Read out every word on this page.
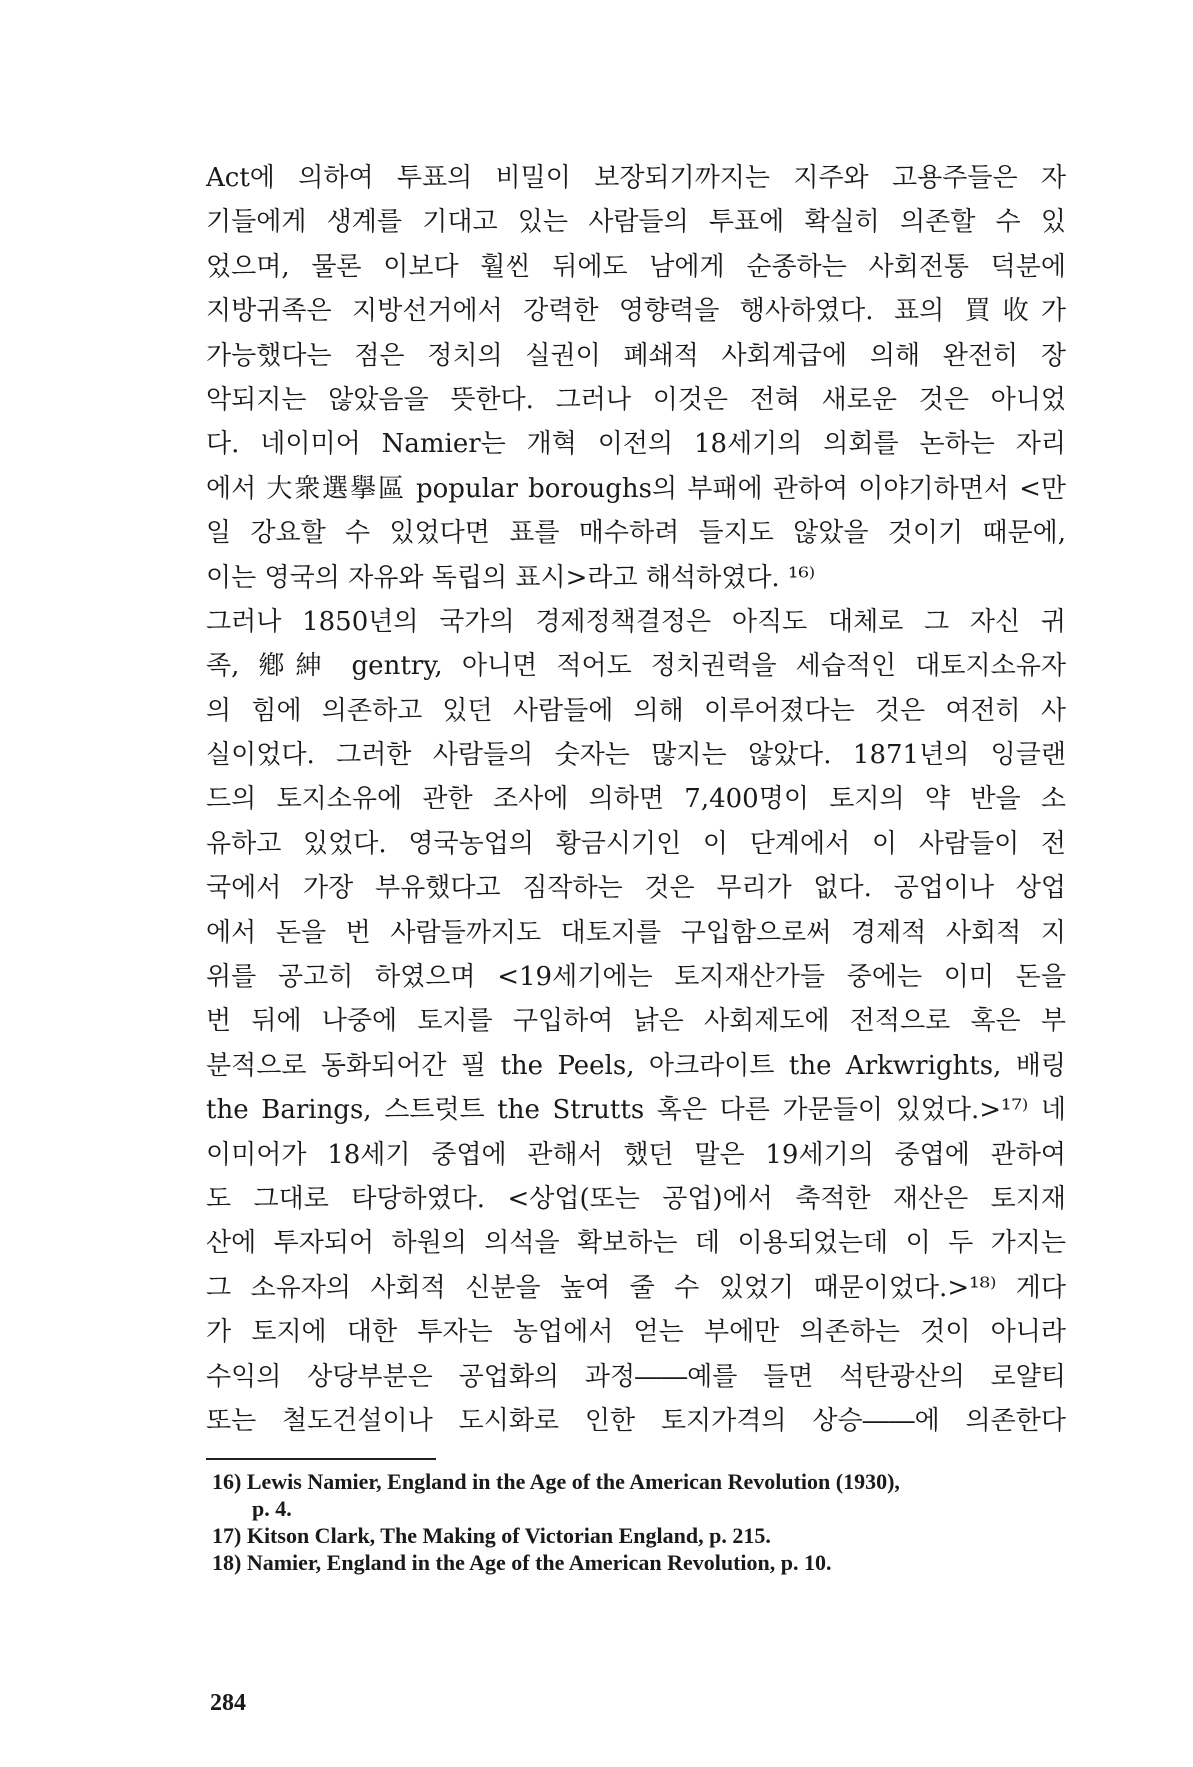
Act에 의하여 투표의 비밀이 보장되기까지는 지주와 고용주들은 자
기들에게 생계를 기대고 있는 사람들의 투표에 확실히 의존할 수 있
었으며, 물론 이보다 훨씬 뒤에도 남에게 순종하는 사회전통 덕분에
지방귀족은 지방선거에서 강력한 영향력을 행사하였다. 표의 買收가
가능했다는 점은 정치의 실권이 폐쇄적 사회계급에 의해 완전히 장
악되지는 않았음을 뜻한다. 그러나 이것은 전혀 새로운 것은 아니었
다. 네이미어 Namier는 개혁 이전의 18세기의 의회를 논하는 자리
에서 大衆選擧區 popular boroughs의 부패에 관하여 이야기하면서 <만
일 강요할 수 있었다면 표를 매수하려 들지도 않았을 것이기 때문에,
이는 영국의 자유와 독립의 표시>라고 해석하였다. ¹⁶⁾
그러나 1850년의 국가의 경제정책결정은 아직도 대체로 그 자신 귀
족, 鄕紳 gentry, 아니면 적어도 정치권력을 세습적인 대토지소유자
의 힘에 의존하고 있던 사람들에 의해 이루어졌다는 것은 여전히 사
실이었다. 그러한 사람들의 숫자는 많지는 않았다. 1871년의 잉글랜
드의 토지소유에 관한 조사에 의하면 7,400명이 토지의 약 반을 소
유하고 있었다. 영국농업의 황금시기인 이 단계에서 이 사람들이 전
국에서 가장 부유했다고 짐작하는 것은 무리가 없다. 공업이나 상업
에서 돈을 번 사람들까지도 대토지를 구입함으로써 경제적 사회적 지
위를 공고히 하였으며 <19세기에는 토지재산가들 중에는 이미 돈을
번 뒤에 나중에 토지를 구입하여 낡은 사회제도에 전적으로 혹은 부
분적으로 동화되어간 필 the Peels, 아크라이트 the Arkwrights, 배링
the Barings, 스트럿트 the Strutts 혹은 다른 가문들이 있었다.>¹⁷⁾ 네
이미어가 18세기 중엽에 관해서 했던 말은 19세기의 중엽에 관하여
도 그대로 타당하였다. <상업(또는 공업)에서 축적한 재산은 토지재
산에 투자되어 하원의 의석을 확보하는 데 이용되었는데 이 두 가지는
그 소유자의 사회적 신분을 높여 줄 수 있었기 때문이었다.>¹⁸⁾ 게다
가 토지에 대한 투자는 농업에서 얻는 부에만 의존하는 것이 아니라
수익의 상당부분은 공업화의 과정――예를 들면 석탄광산의 로얄티
또는 철도건설이나 도시화로 인한 토지가격의 상승――에 의존한다
16) Lewis Namier, England in the Age of the American Revolution (1930),
p. 4.
17) Kitson Clark, The Making of Victorian England, p. 215.
18) Namier, England in the Age of the American Revolution, p. 10.
284
